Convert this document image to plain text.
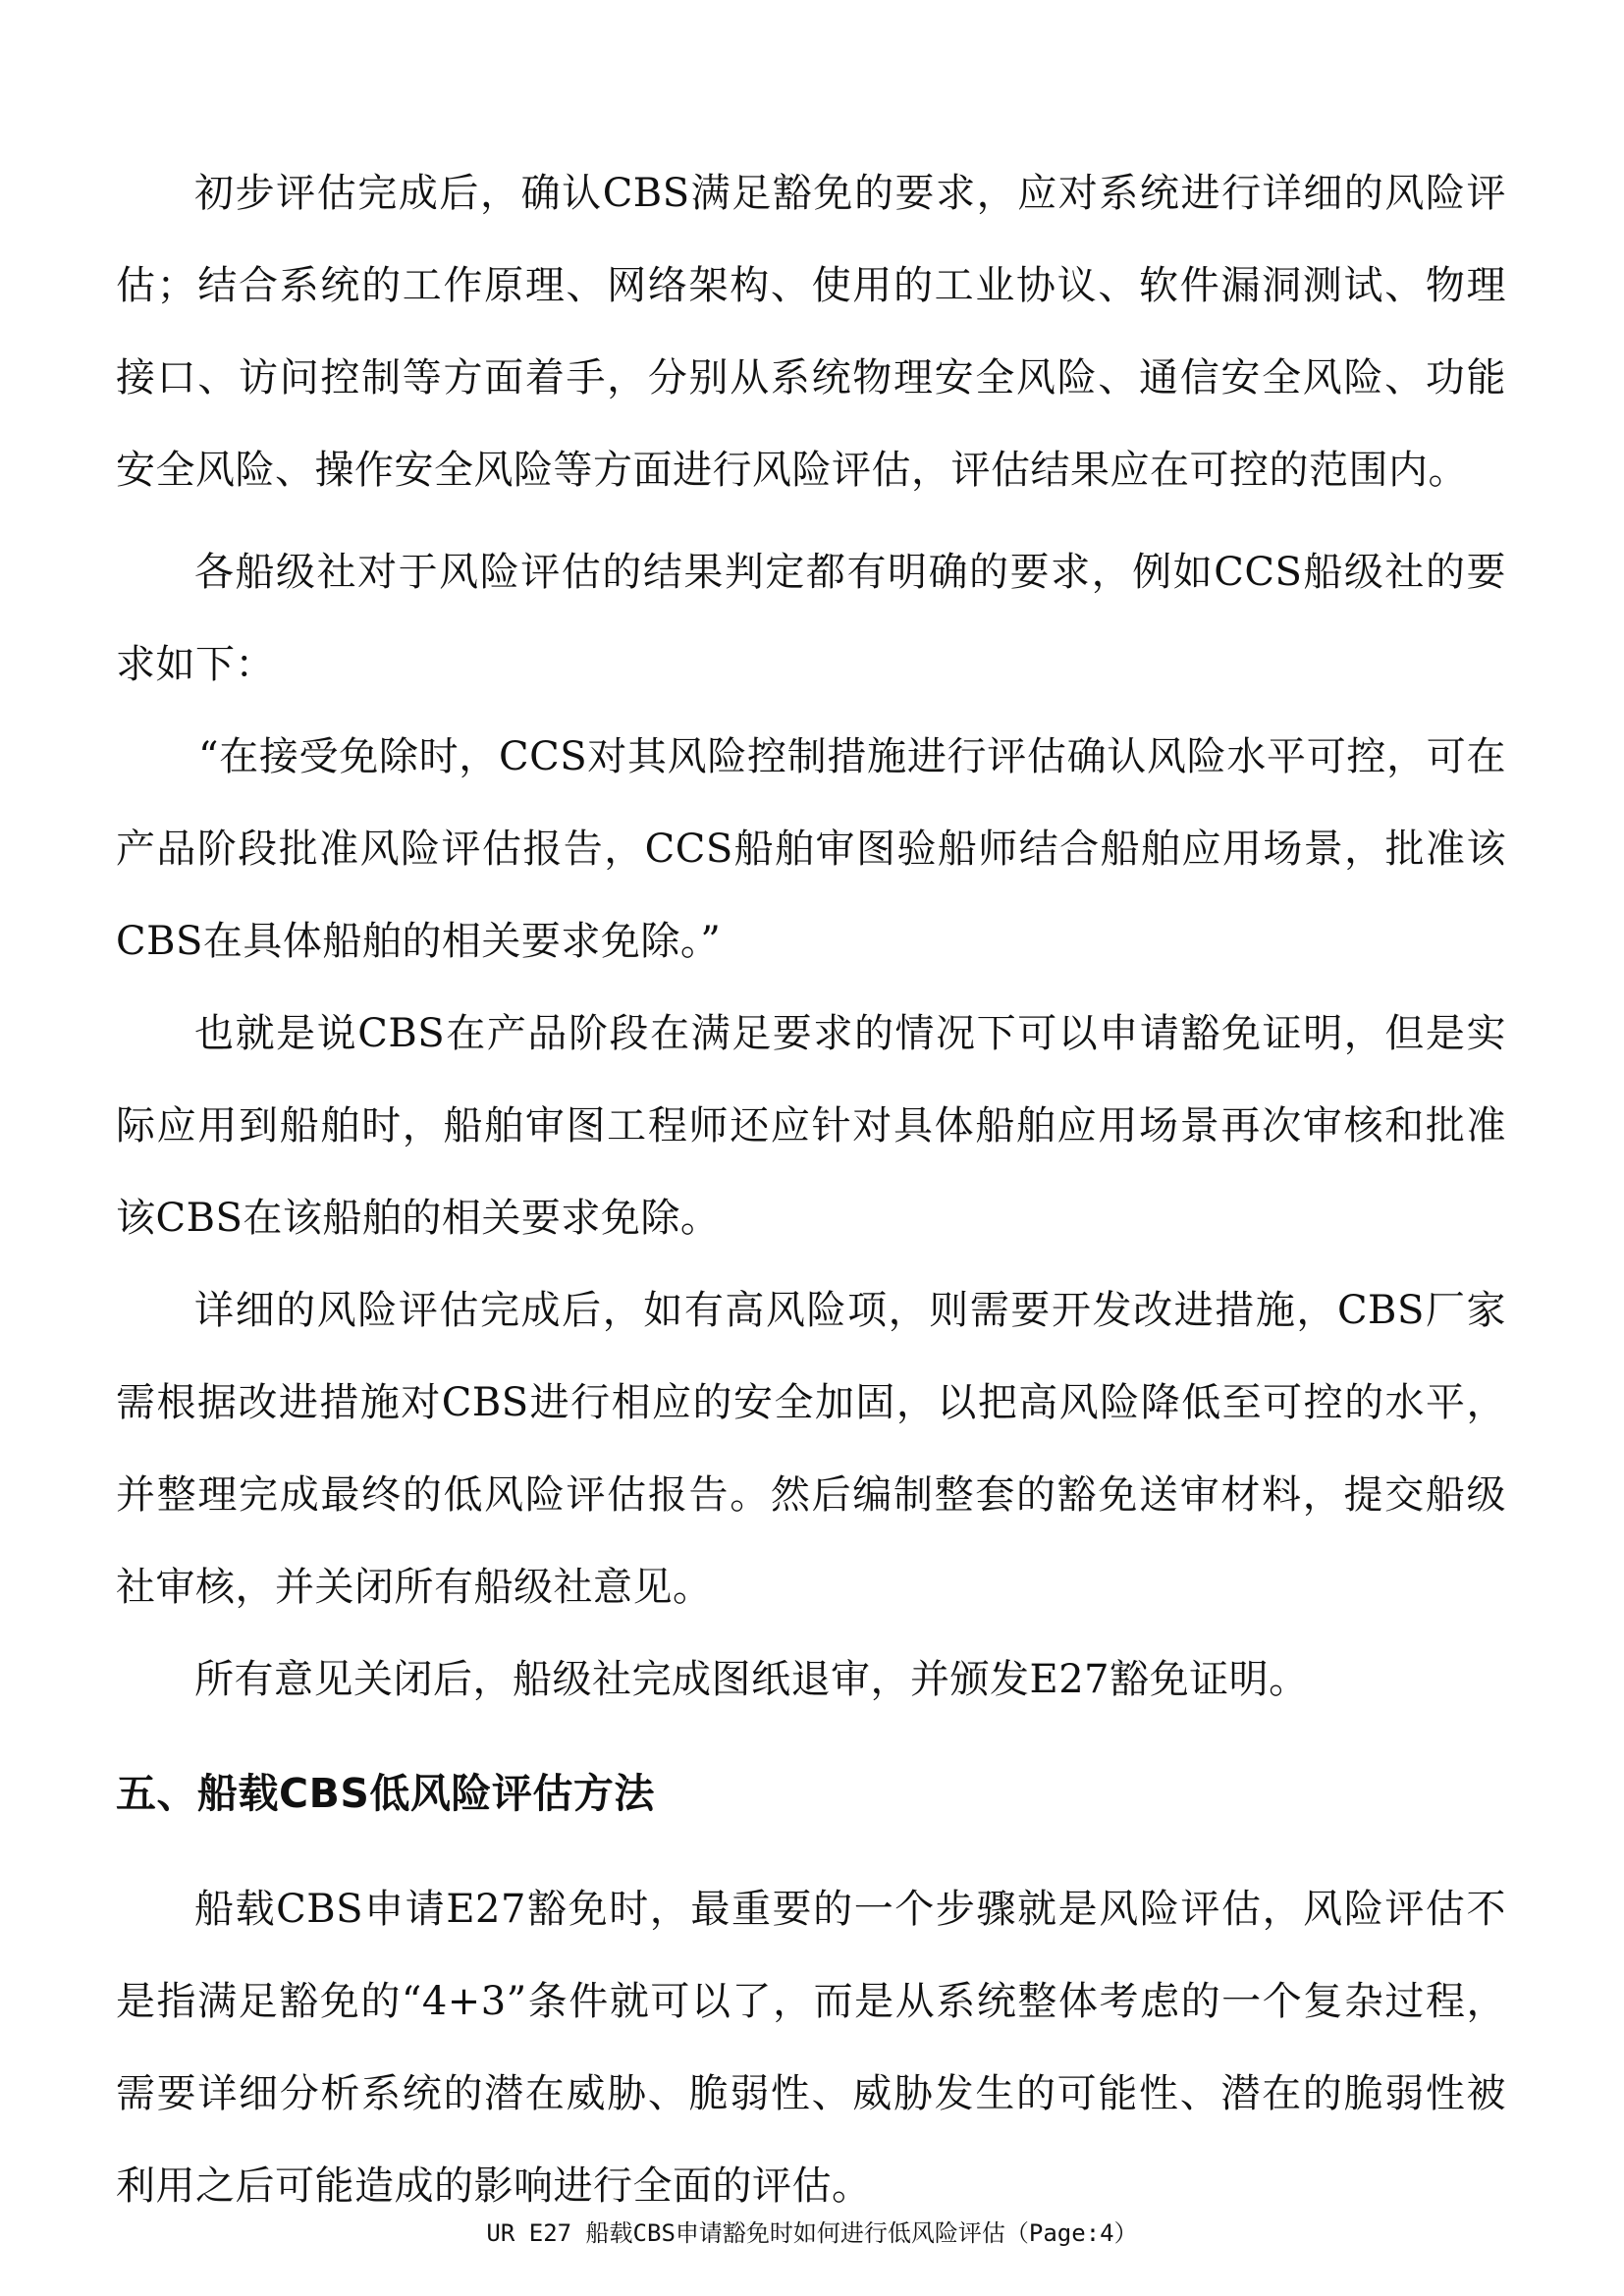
初步评估完成后，确认CBS满足豁免的要求，应对系统进行详细的风险评估；结合系统的工作原理、网络架构、使用的工业协议、软件漏洞测试、物理接口、访问控制等方面着手，分别从系统物理安全风险、通信安全风险、功能安全风险、操作安全风险等方面进行风险评估，评估结果应在可控的范围内。

各船级社对于风险评估的结果判定都有明确的要求，例如CCS船级社的要求如下：

“在接受免除时，CCS对其风险控制措施进行评估确认风险水平可控，可在产品阶段批准风险评估报告，CCS船舶审图验船师结合船舶应用场景，批准该CBS在具体船舶的相关要求免除。”

也就是说CBS在产品阶段在满足要求的情况下可以申请豁免证明，但是实际应用到船舶时，船舶审图工程师还应针对具体船舶应用场景再次审核和批准该CBS在该船舶的相关要求免除。

详细的风险评估完成后，如有高风险项，则需要开发改进措施，CBS厂家需根据改进措施对CBS进行相应的安全加固，以把高风险降低至可控的水平，并整理完成最终的低风险评估报告。然后编制整套的豁免送审材料，提交船级社审核，并关闭所有船级社意见。

所有意见关闭后，船级社完成图纸退审，并颁发E27豁免证明。

五、船载CBS低风险评估方法

船载CBS申请E27豁免时，最重要的一个步骤就是风险评估，风险评估不是指满足豁免的“4+3”条件就可以了，而是从系统整体考虑的一个复杂过程，需要详细分析系统的潜在威胁、脆弱性、威胁发生的可能性、潜在的脆弱性被利用之后可能造成的影响进行全面的评估。

UR E27 船载CBS申请豁免时如何进行低风险评估（Page:4）
